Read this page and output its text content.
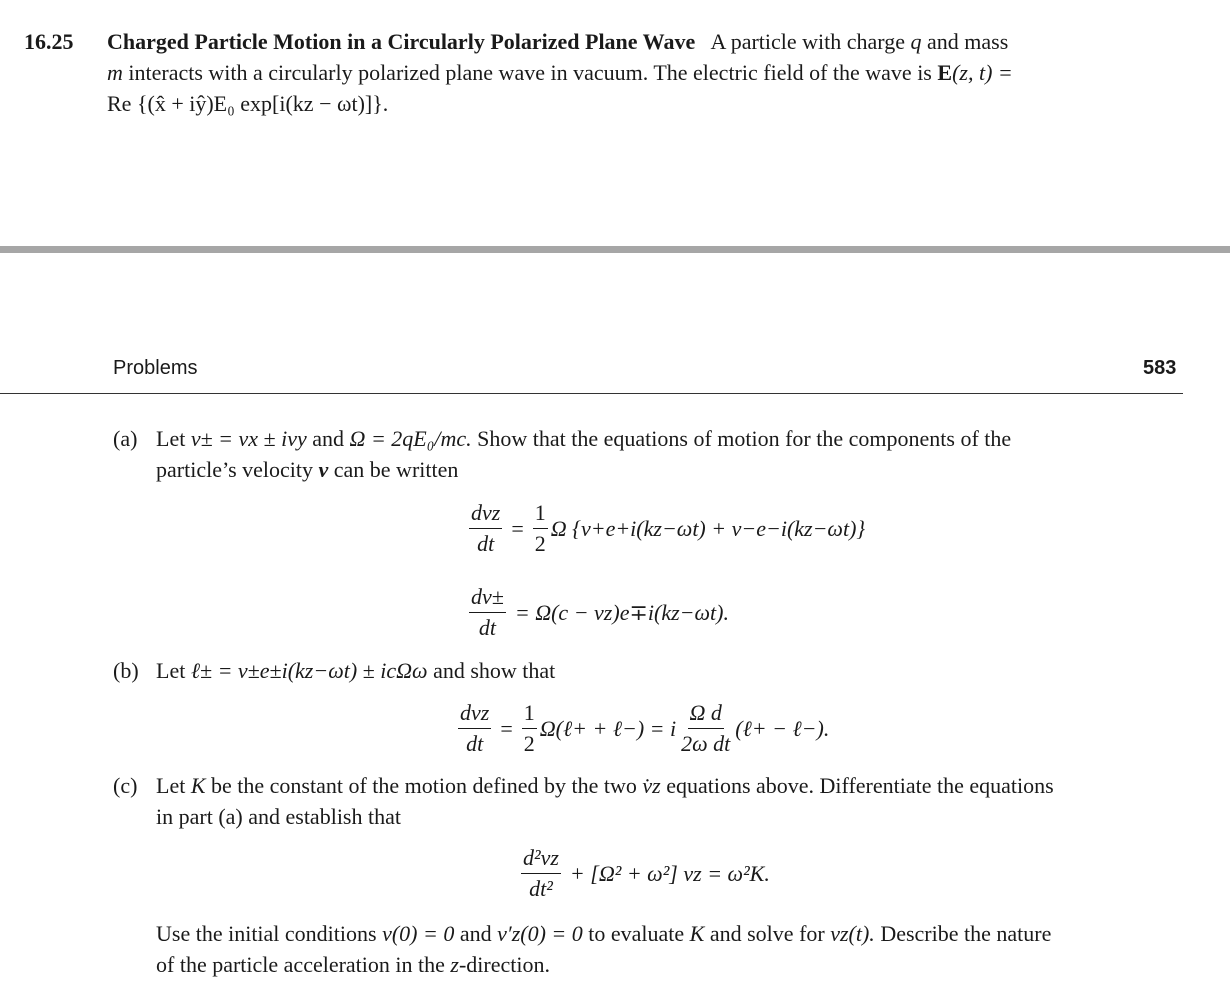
16.25 Charged Particle Motion in a Circularly Polarized Plane Wave A particle with charge q and mass
m interacts with a circularly polarized plane wave in vacuum. The electric field of the wave is E(z, t) =
Re {(x̂ + iŷ)E₀ exp[i(kz − ωt)]}.
Problems	583
(a) Let v± = vx ± ivy and Ω = 2qE₀/mc. Show that the equations of motion for the components of the
particle’s velocity v can be written
$\frac{\text{dvz}}{dt} = \frac{1}{2}$ Ω {v+e+i(kz−ωt) + v−e−i(kz−ωt)}
$\frac{dv\pm}{dt} = \Omega(c - vz)e\mp i(kz-\omega t)$.
(b) Let ℓ± = v±e±i(kz−ωt) ± icΩω and show that
$\frac{\text{dvz}}{dt} = \frac{1}{2}$ Ω(ℓ+ + ℓ−) = i $\frac{\text{Ω d}}{\text{2ω dt}}$ (ℓ+ − ℓ−).
(c) Let K be the constant of the motion defined by the two v̇z equations above. Differentiate the equations
in part (a) and establish that
$\frac{\text{d²vz}}{\text{dt²}} + [\Omega^2 + \omega^2]$ vz = ω²K.
Use the initial conditions v(0) = 0 and v′z(0) = 0 to evaluate K and solve for vz(t). Describe the nature
of the particle acceleration in the z-direction.
